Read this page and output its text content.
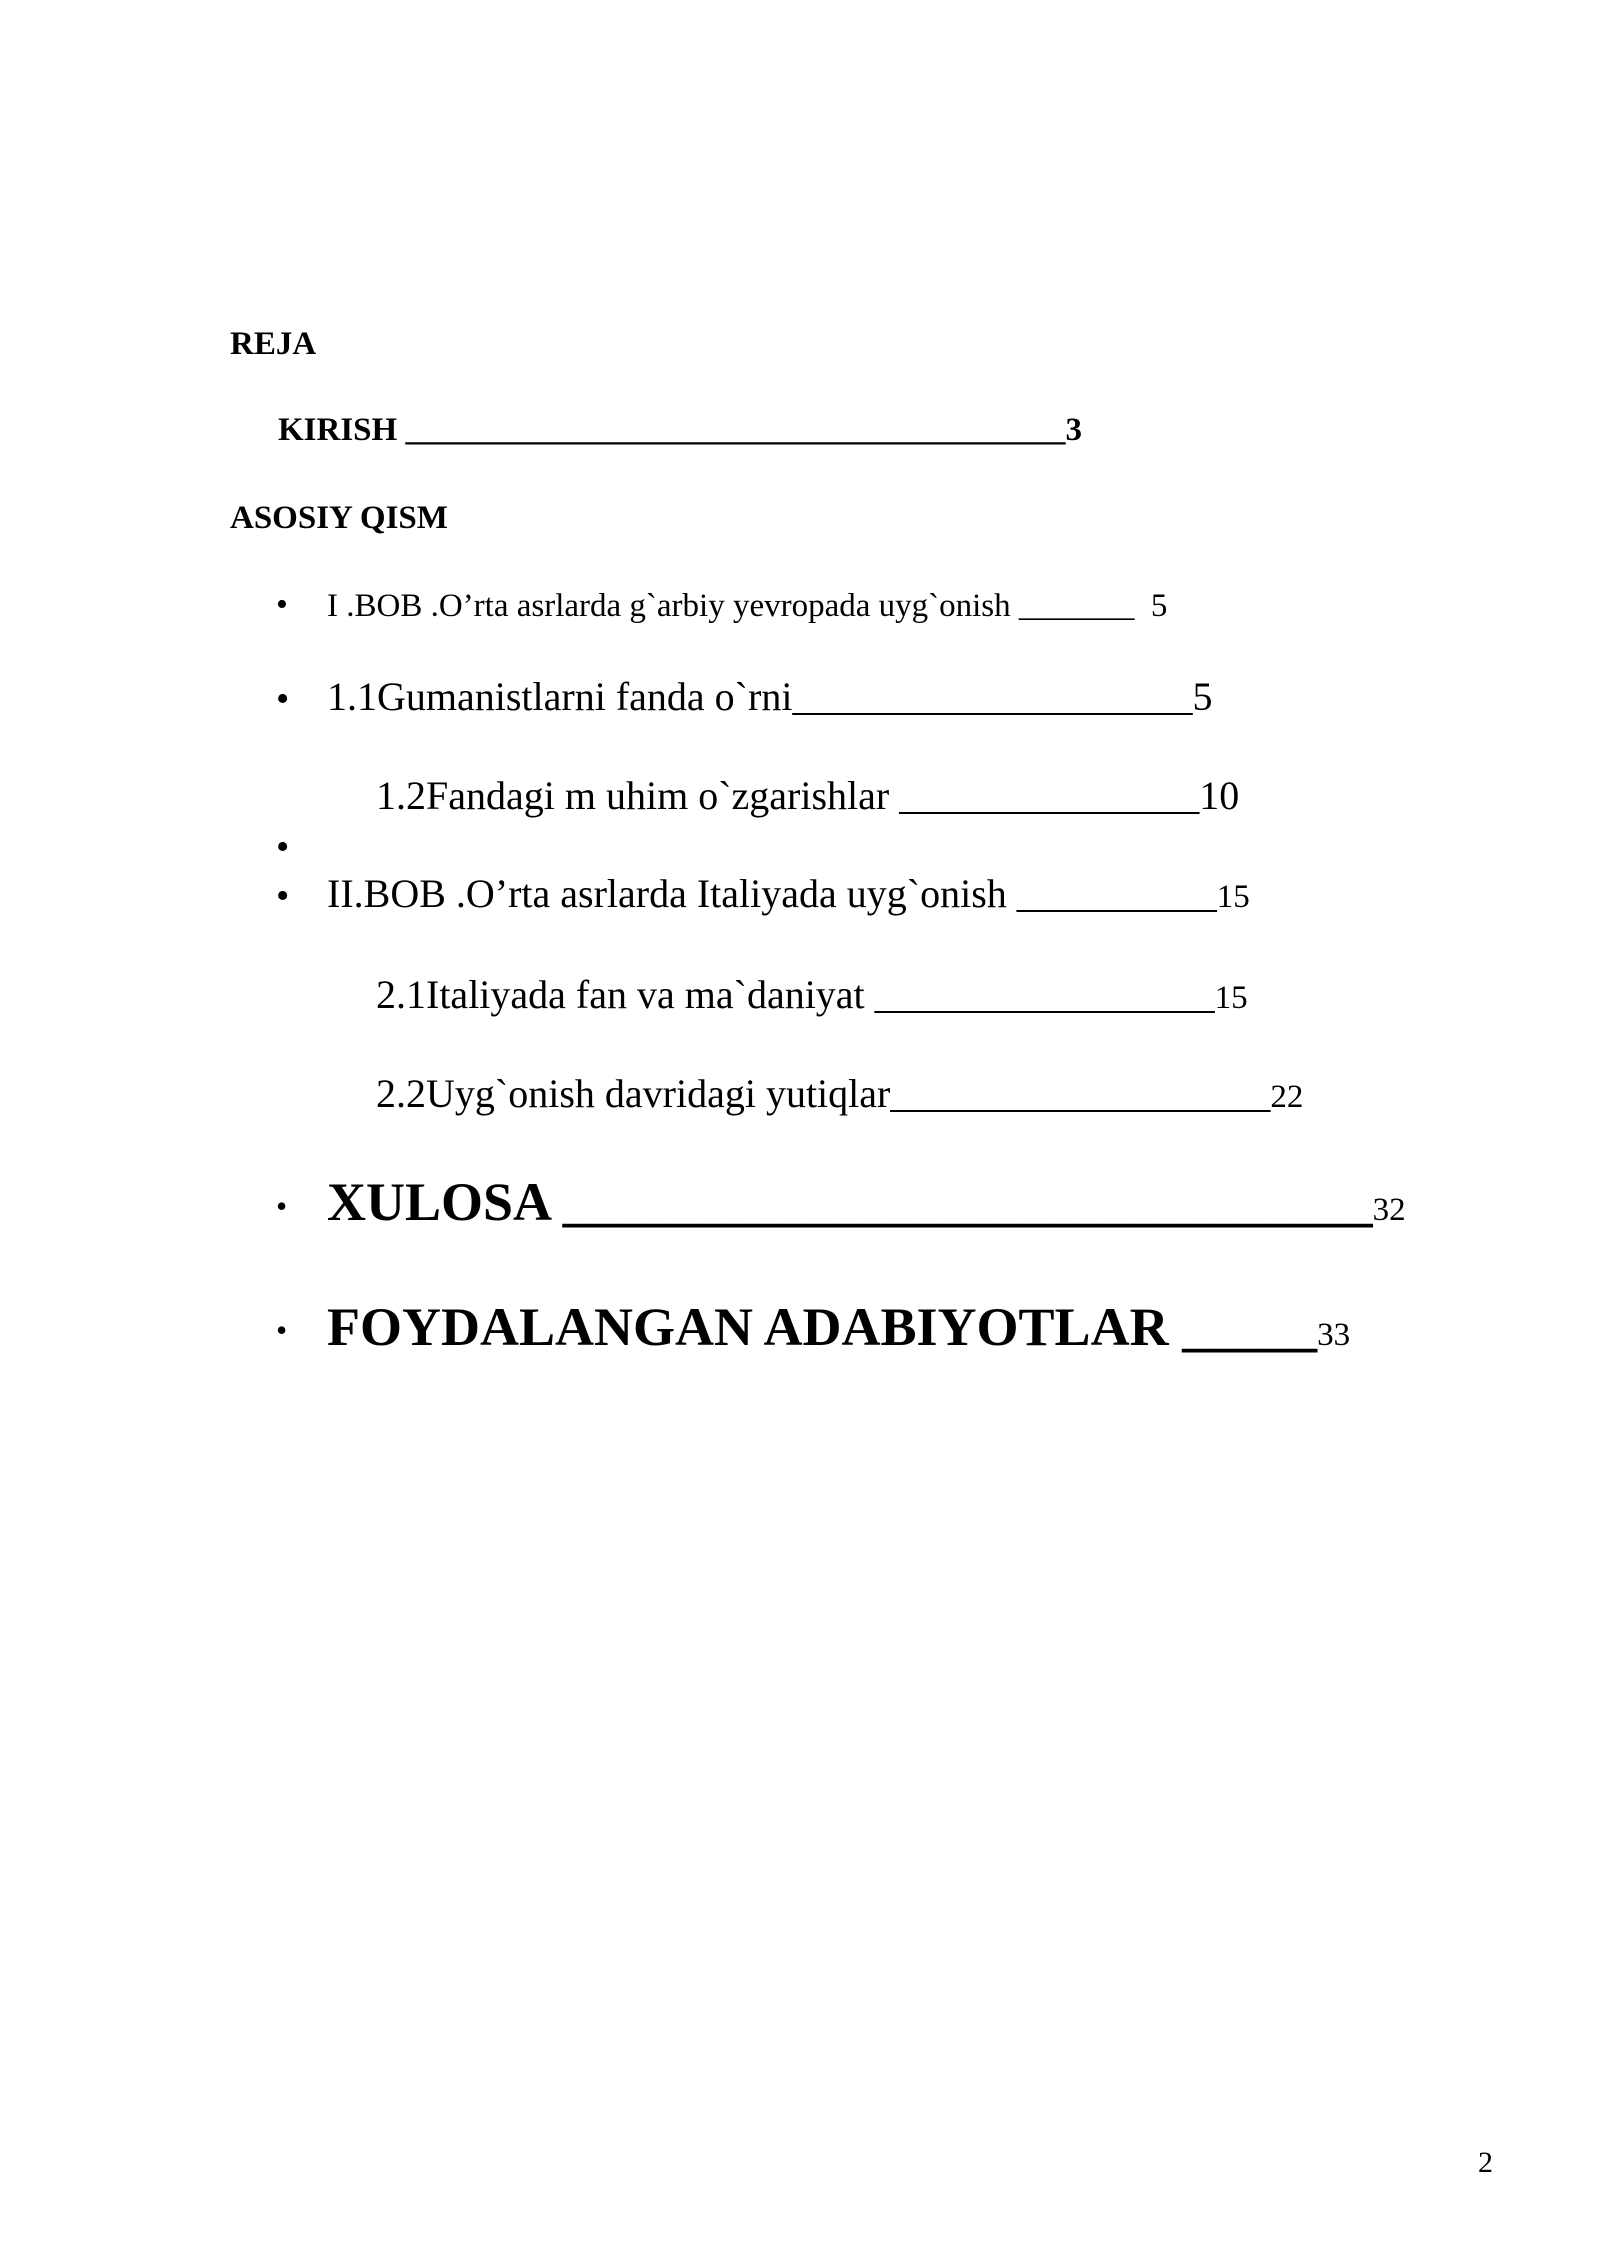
REJA
KIRISH ________________________________________3
ASOSIY QISM
• I .BOB .O’rta asrlarda g`arbiy yevropada uyg`onish _______  5
• 1.1Gumanistlarni fanda o`rni____________________5
1.2Fandagi m uhim o`zgarishlar _______________10
•
• II.BOB .O’rta asrlarda Italiyada uyg`onish __________15
2.1Italiyada fan va ma`daniyat _________________15
2.2Uyg`onish davridagi yutiqlar___________________22
• XULOSA ______________________________32
• FOYDALANGAN ADABIYOTLAR _____33
2
